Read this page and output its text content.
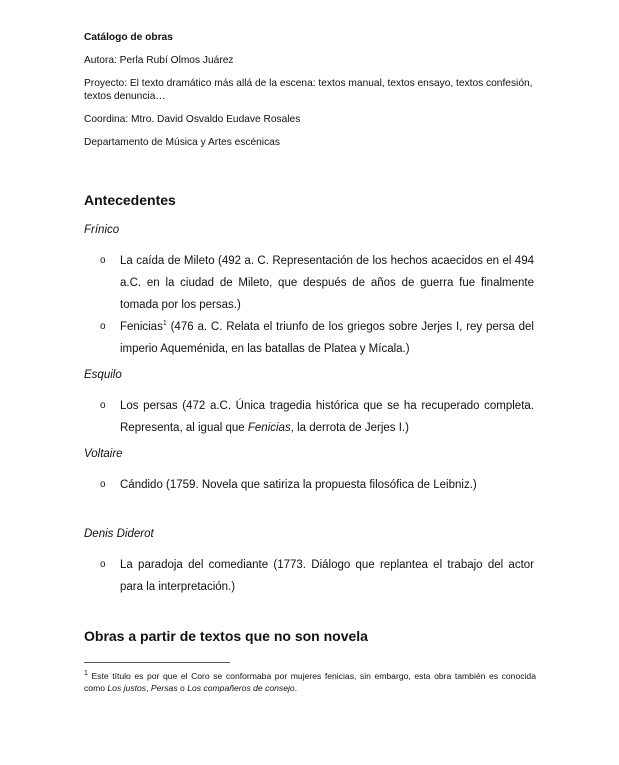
Catálogo de obras
Autora: Perla Rubí Olmos Juárez
Proyecto: El texto dramático más allá de la escena: textos manual, textos ensayo, textos confesión, textos denuncia…
Coordina: Mtro. David Osvaldo Eudave Rosales
Departamento de Música y Artes escénicas
Antecedentes
Frínico
o La caída de Mileto (492 a. C. Representación de los hechos acaecidos en el 494 a.C. en la ciudad de Mileto, que después de años de guerra fue finalmente tomada por los persas.)
o Fenicias$^1$ (476 a. C. Relata el triunfo de los griegos sobre Jerjes I, rey persa del imperio Aqueménida, en las batallas de Platea y Mícala.)
Esquilo
o Los persas (472 a.C. Única tragedia histórica que se ha recuperado completa. Representa, al igual que Fenicias, la derrota de Jerjes I.)
Voltaire
o Cándido (1759. Novela que satiriza la propuesta filosófica de Leibniz.)
Denis Diderot
o La paradoja del comediante (1773. Diálogo que replantea el trabajo del actor para la interpretación.)
Obras a partir de textos que no son novela
$^1$ Este título es por que el Coro se conformaba por mujeres fenicias, sin embargo, esta obra también es conocida como Los justos, Persas o Los compañeros de consejo.
